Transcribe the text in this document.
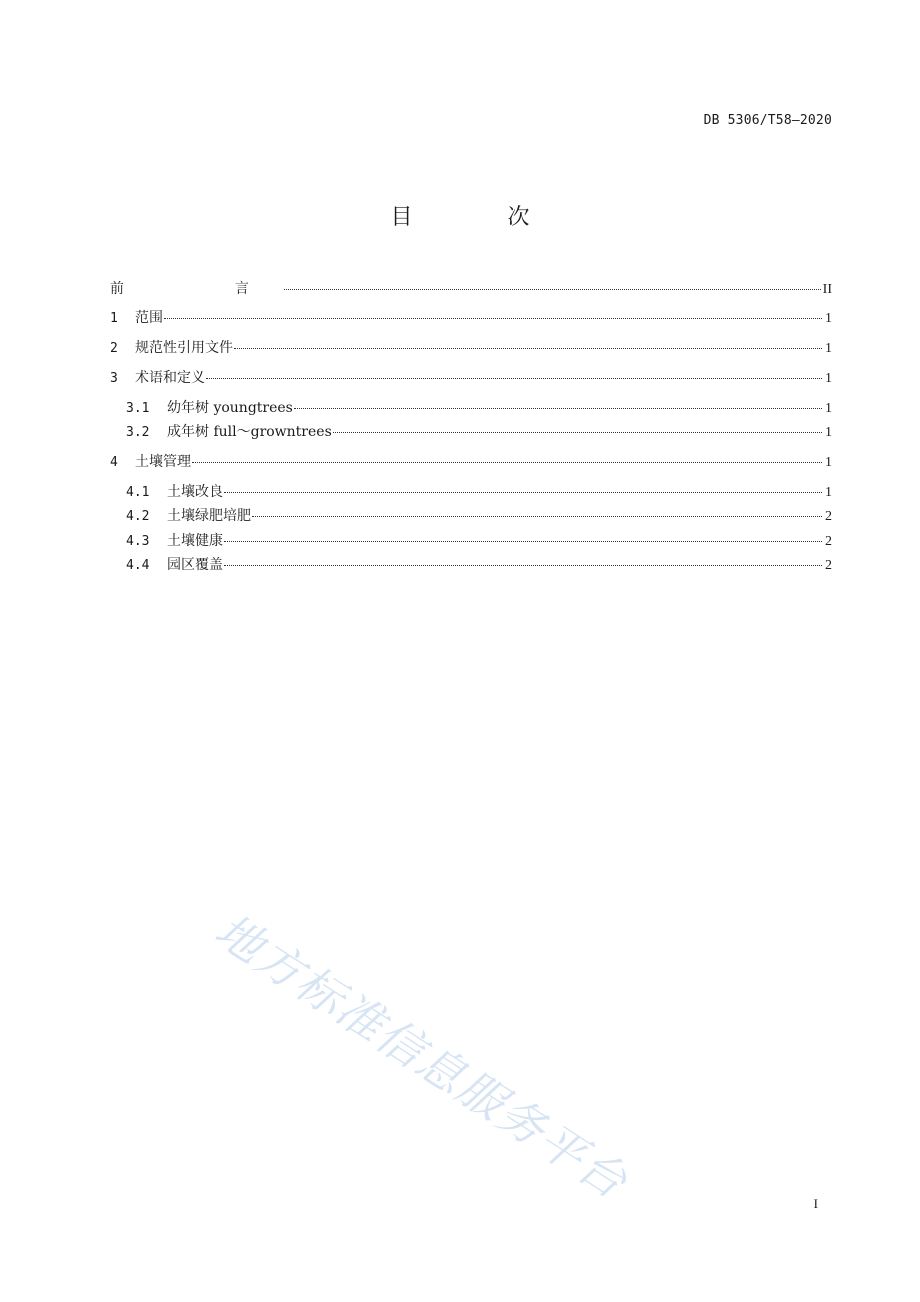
DB 5306/T58—2020
目 次
前  言	II
1	范围	1
2	规范性引用文件	1
3	术语和定义	1
3.1	幼年树 youngtrees	1
3.2	成年树 full～growntrees	1
4	土壤管理	1
4.1	土壤改良	1
4.2	土壤绿肥培肥	2
4.3	土壤健康	2
4.4	园区覆盖	2
地方标准信息服务平台	I
